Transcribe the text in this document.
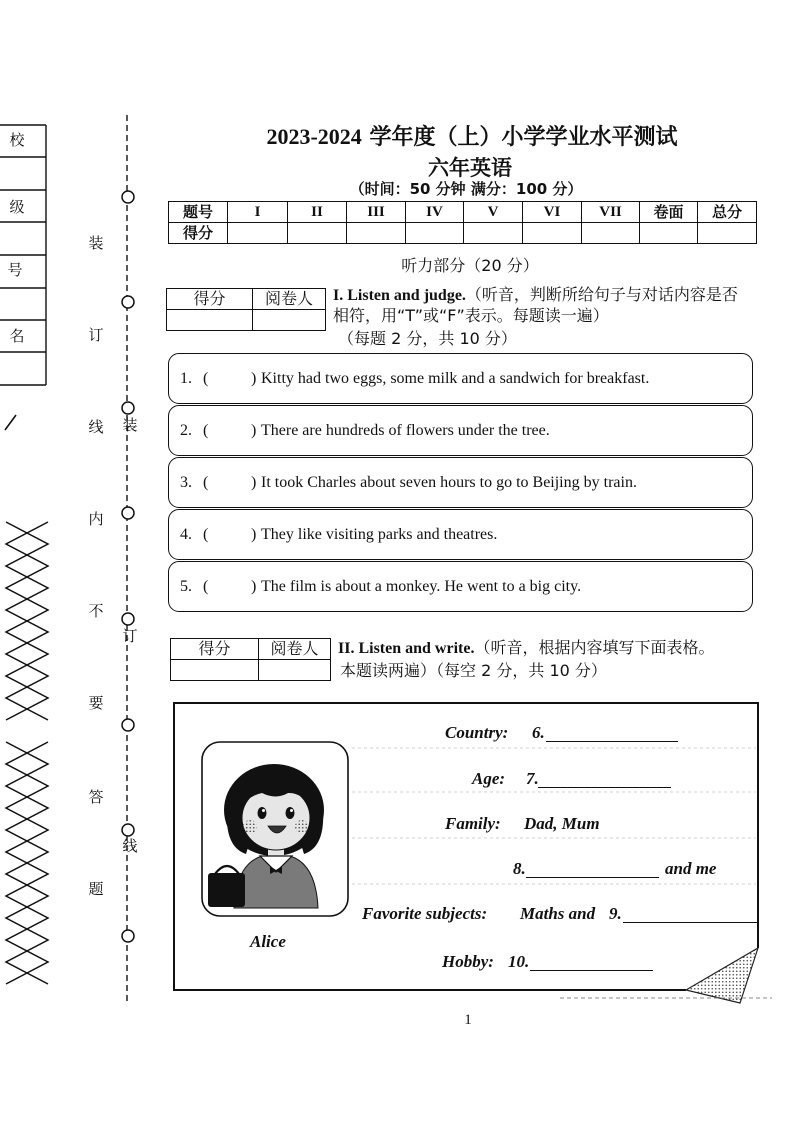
校
级
号
名
装
订
线
内
不
要
答
题
装
订
线
2023-2024 学年度（上）小学学业水平测试
六年英语
（时间：50 分钟 满分：100 分）
题号	I	II	III	IV	V	VI	VII	卷面	总分
得分									
听力部分（20 分）
得分	阅卷人
	I. Listen and judge.（听音，判断所给句子与对话内容是否
相符，用“T”或“F”表示。每题读一遍）
（每题 2 分，共 10 分）
1. (	) Kitty had two eggs, some milk and a sandwich for breakfast.
2. (	) There are hundreds of flowers under the tree.
3. (	) It took Charles about seven hours to go to Beijing by train.
4. (	) They like visiting parks and theatres.
5. (	) The film is about a monkey. He went to a big city.
得分	阅卷人
	II. Listen and write.（听音，根据内容填写下面表格。
本题读两遍）（每空 2 分，共 10 分）
Alice
Country: 6.
Age: 7.
Family: Dad, Mum
8.	and me
Favorite subjects: Maths and 9.
Hobby: 10.
1
